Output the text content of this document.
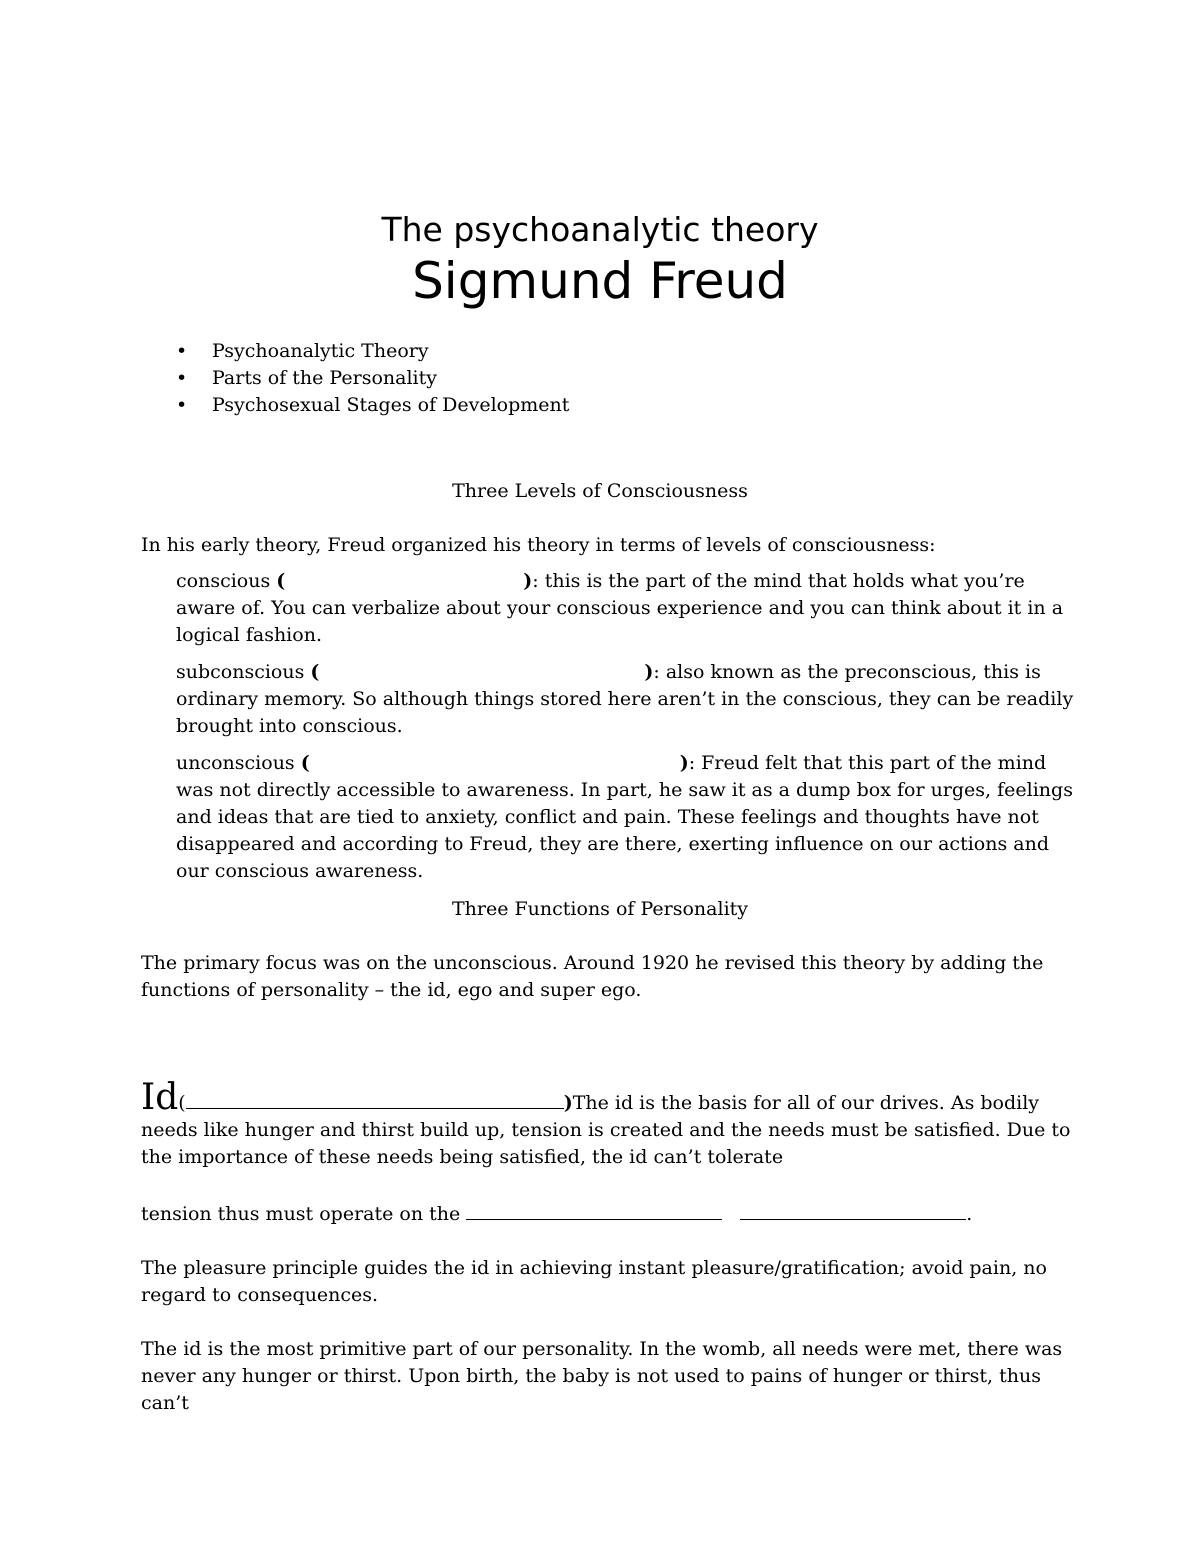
The psychoanalytic theory
Sigmund Freud
• Psychoanalytic Theory
• Parts of the Personality
• Psychosexual Stages of Development
Three Levels of Consciousness

In his early theory, Freud organized his theory in terms of levels of consciousness:

conscious (	): this is the part of the mind that holds what you’re
aware of. You can verbalize about your conscious experience and you can think about it in a logical fashion.
subconscious (	): also known as the preconscious, this is
ordinary memory. So although things stored here aren’t in the conscious, they can be readily brought into conscious.
unconscious (	): Freud felt that this part of the mind
was not directly accessible to awareness. In part, he saw it as a dump box for urges, feelings and ideas that are tied to anxiety, conflict and pain. These feelings and thoughts have not disappeared and according to Freud, they are there, exerting influence on our actions and our conscious awareness.
Three Functions of Personality

The primary focus was on the unconscious. Around 1920 he revised this theory by adding the functions of personality – the id, ego and super ego.

Id(	)The id is the basis for all of our drives. As bodily
needs like hunger and thirst build up, tension is created and the needs must be satisfied. Due to the importance of these needs being satisfied, the id can’t tolerate
tension thus must operate on the	.

The pleasure principle guides the id in achieving instant pleasure/gratification; avoid pain, no regard to consequences.

The id is the most primitive part of our personality. In the womb, all needs were met, there was never any hunger or thirst. Upon birth, the baby is not used to pains of hunger or thirst, thus can’t
